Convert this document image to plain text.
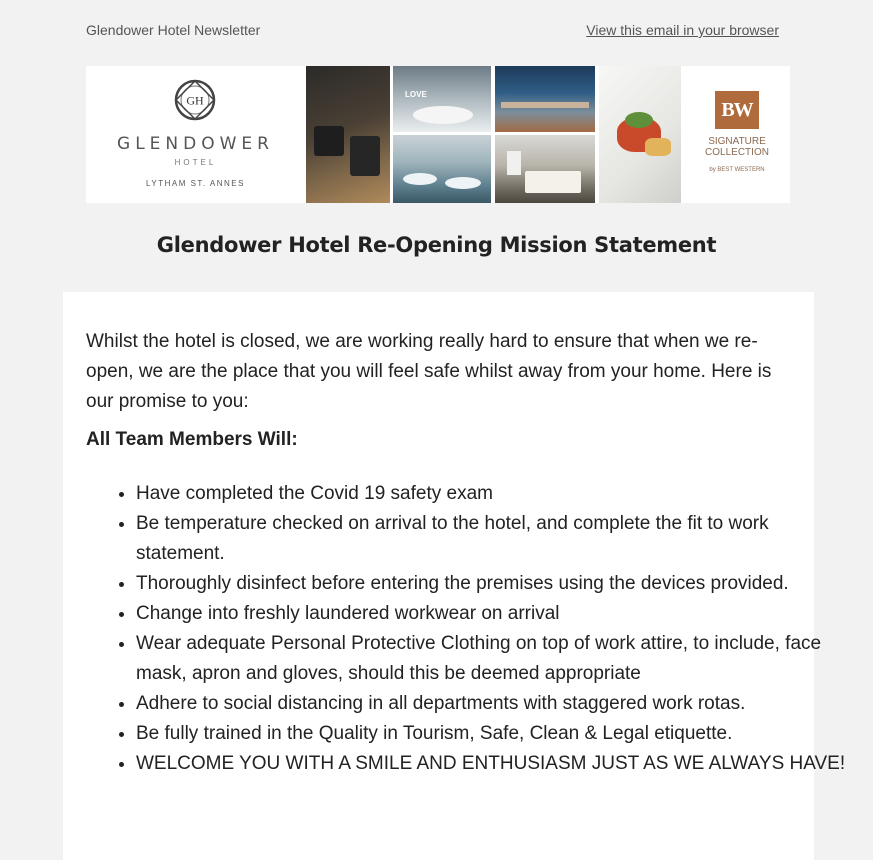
Glendower Hotel Newsletter	View this email in your browser
GH
GLENDOWER
HOTEL
LYTHAM ST. ANNES
LOVE
BW
SIGNATURE
COLLECTION
by BEST WESTERN
Glendower Hotel Re-Opening Mission Statement
Whilst the hotel is closed, we are working really hard to ensure that when we re-open, we are the place that you will feel safe whilst away from your home. Here is our promise to you:
All Team Members Will:
• Have completed the Covid 19 safety exam
• Be temperature checked on arrival to the hotel, and complete the fit to work statement.
• Thoroughly disinfect before entering the premises using the devices provided.
• Change into freshly laundered workwear on arrival
• Wear adequate Personal Protective Clothing on top of work attire, to include, face mask, apron and gloves, should this be deemed appropriate
• Adhere to social distancing in all departments with staggered work rotas.
• Be fully trained in the Quality in Tourism, Safe, Clean & Legal etiquette.
• WELCOME YOU WITH A SMILE AND ENTHUSIASM JUST AS WE ALWAYS HAVE!
